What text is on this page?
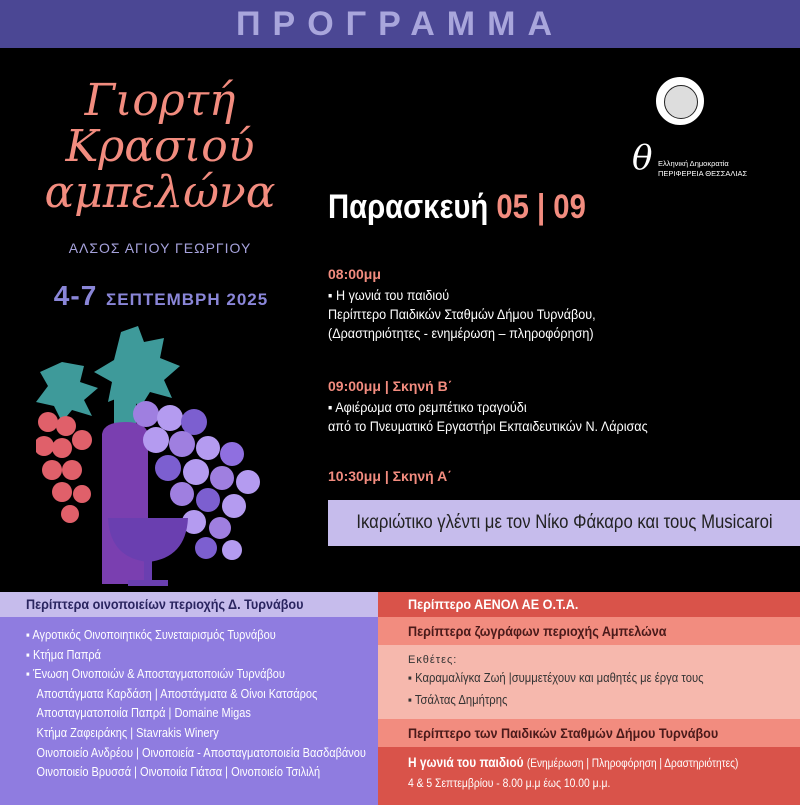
ΠΡΟΓΡΑΜΜΑ
Γιορτή
Κρασιού
αμπελώνα
ΑΛΣΟΣ ΑΓΙΟΥ ΓΕΩΡΓΙΟΥ
4-7 ΣΕΠΤΕΜΒΡΗ 2025
θ Ελληνική Δημοκρατία
ΠΕΡΙΦΕΡΕΙΑ ΘΕΣΣΑΛΙΑΣ
Παρασκευή 05 | 09
08:00μμ
▪ Η γωνιά του παιδιού
Περίπτερο Παιδικών Σταθμών Δήμου Τυρνάβου,
(Δραστηριότητες - ενημέρωση – πληροφόρηση)
09:00μμ | Σκηνή Β΄
▪ Αφιέρωμα στο ρεμπέτικο τραγούδι
από το Πνευματικό Εργαστήρι Εκπαιδευτικών Ν. Λάρισας
10:30μμ | Σκηνή Α΄
Ικαριώτικο γλέντι με τον Νίκο Φάκαρο και τους Musicaroi
Περίπτερα οινοποιείων περιοχής Δ. Τυρνάβου
▪ Αγροτικός Οινοποιητικός Συνεταιρισμός Τυρνάβου
▪ Κτήμα Παπρά
▪ Ένωση Οινοποιών & Αποσταγματοποιών Τυρνάβου
Αποστάγματα Καρδάση | Αποστάγματα & Οίνοι Κατσάρος
Αποσταγματοποιία Παπρά | Domaine Migas
Κτήμα Ζαφειράκης | Stavrakis Winery
Οινοποιείο Ανδρέου | Οινοποιεία - Αποσταγματοποιεία Βασδαβάνου
Οινοποιείο Βρυσσά | Οινοποιία Γιάτσα | Οινοποιείο Τσιλιλή
Περίπτερο ΑΕΝΟΛ ΑΕ Ο.Τ.Α.
Περίπτερα ζωγράφων περιοχής Αμπελώνα
Εκθέτες:
▪ Καραμαλίγκα Ζωή |συμμετέχουν και μαθητές με έργα τους
▪ Τσάλτας Δημήτρης
Περίπτερο των Παιδικών Σταθμών Δήμου Τυρνάβου
Η γωνιά του παιδιού (Ενημέρωση | Πληροφόρηση | Δραστηριότητες)
4 & 5 Σεπτεμβρίου - 8.00 μ.μ έως 10.00 μ.μ.
